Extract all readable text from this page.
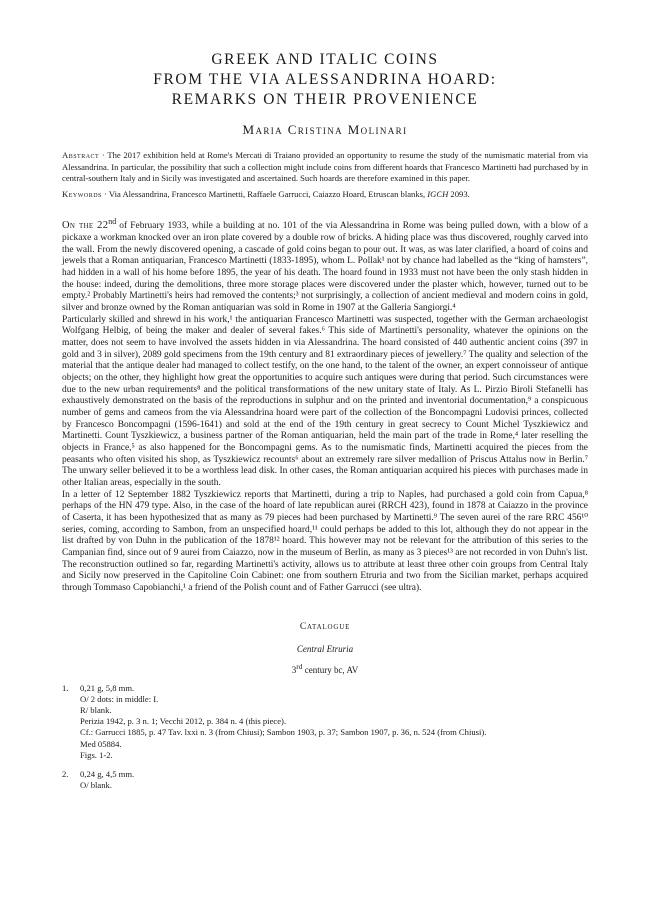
GREEK AND ITALIC COINS
FROM THE VIA ALESSANDRINA HOARD:
REMARKS ON THEIR PROVENIENCE
Maria Cristina Molinari
Abstract · The 2017 exhibition held at Rome's Mercati di Traiano provided an opportunity to resume the study of the numismatic material from via Alessandrina. In particular, the possibility that such a collection might include coins from different hoards that Francesco Martinetti had purchased by in central-southern Italy and in Sicily was investigated and ascertained. Such hoards are therefore examined in this paper.
Keywords · Via Alessandrina, Francesco Martinetti, Raffaele Garrucci, Caiazzo Hoard, Etruscan blanks, IGCH 2093.

On the 22nd of February 1933, while a building at no. 101 of the via Alessandrina in Rome was being pulled down, with a blow of a pickaxe a workman knocked over an iron plate covered by a double row of bricks. A hiding place was thus discovered, roughly carved into the wall. From the newly discovered opening, a cascade of gold coins began to pour out. It was, as was later clarified, a hoard of coins and jewels that a Roman antiquarian, Francesco Martinetti (1833-1895), whom L. Pollak¹ not by chance had labelled as the “king of hamsters”, had hidden in a wall of his home before 1895, the year of his death. The hoard found in 1933 must not have been the only stash hidden in the house: indeed, during the demolitions, three more storage places were discovered under the plaster which, however, turned out to be empty.² Probably Martinetti's heirs had removed the contents;³ not surprisingly, a collection of ancient medieval and modern coins in gold, silver and bronze owned by the Roman antiquarian was sold in Rome in 1907 at the Galleria Sangiorgi.⁴

Particularly skilled and shrewd in his work,¹ the antiquarian Francesco Martinetti was suspected, together with the German archaeologist Wolfgang Helbig, of being the maker and dealer of several fakes.⁶ This side of Martinetti's personality, whatever the opinions on the matter, does not seem to have involved the assets hidden in via Alessandrina. The hoard consisted of 440 authentic ancient coins (397 in gold and 3 in silver), 2089 gold specimens from the 19th century and 81 extraordinary pieces of jewellery.⁷ The quality and selection of the material that the antique dealer had managed to collect testify, on the one hand, to the talent of the owner, an expert connoisseur of antique objects; on the other, they highlight how great the opportunities to acquire such antiques were during that period. Such circumstances were due to the new urban requirements⁸ and the political transformations of the new unitary state of Italy. As L. Pirzio Biroli Stefanelli has exhaustively demonstrated on the basis of the reproductions in sulphur and on the printed and inventorial documentation,⁹ a conspicuous number of gems and cameos from the via Alessandrina hoard were part of the collection of the Boncompagni Ludovisi princes, collected by Francesco Boncompagni (1596-1641) and sold at the end of the 19th century in great secrecy to Count Michel Tyszkiewicz and Martinetti. Count Tyszkiewicz, a business partner of the Roman antiquarian, held the main part of the trade in Rome,⁴ later reselling the objects in France,⁵ as also happened for the Boncompagni gems. As to the numismatic finds, Martinetti acquired the pieces from the peasants who often visited his shop, as Tyszkiewicz recounts⁶ about an extremely rare silver medallion of Priscus Attalus now in Berlin.⁷ The unwary seller believed it to be a worthless lead disk. In other cases, the Roman antiquarian acquired his pieces with purchases made in other Italian areas, especially in the south.

In a letter of 12 September 1882 Tyszkiewicz reports that Martinetti, during a trip to Naples, had purchased a gold coin from Capua,⁸ perhaps of the HN 479 type. Also, in the case of the hoard of late republican aurei (RRCH 423), found in 1878 at Caiazzo in the province of Caserta, it has been hypothesized that as many as 79 pieces had been purchased by Martinetti.⁹ The seven aurei of the rare RRC 456¹⁰ series, coming, according to Sambon, from an unspecified hoard,¹¹ could perhaps be added to this lot, although they do not appear in the list drafted by von Duhn in the publication of the 1878¹² hoard. This however may not be relevant for the attribution of this series to the Campanian find, since out of 9 aurei from Caiazzo, now in the museum of Berlin, as many as 3 pieces¹³ are not recorded in von Duhn's list.

The reconstruction outlined so far, regarding Martinetti's activity, allows us to attribute at least three other coin groups from Central Italy and Sicily now preserved in the Capitoline Coin Cabinet: one from southern Etruria and two from the Sicilian market, perhaps acquired through Tommaso Capobianchi,¹ a friend of the Polish count and of Father Garrucci (see ultra).

Catalogue
Central Etruria
3rd century bc, AV
1.	0,21 g, 5,8 mm.
O/ 2 dots: in middle: I.
R/ blank.
Perizia 1942, p. 3 n. 1; Vecchi 2012, p. 384 n. 4 (this piece).
Cf.: Garrucci 1885, p. 47 Tav. lxxi n. 3 (from Chiusi); Sambon 1903, p. 37; Sambon 1907, p. 36, n. 524 (from Chiusi).
Med 05884.
Figs. 1-2.
2.	0,24 g, 4,5 mm.
O/ blank.
